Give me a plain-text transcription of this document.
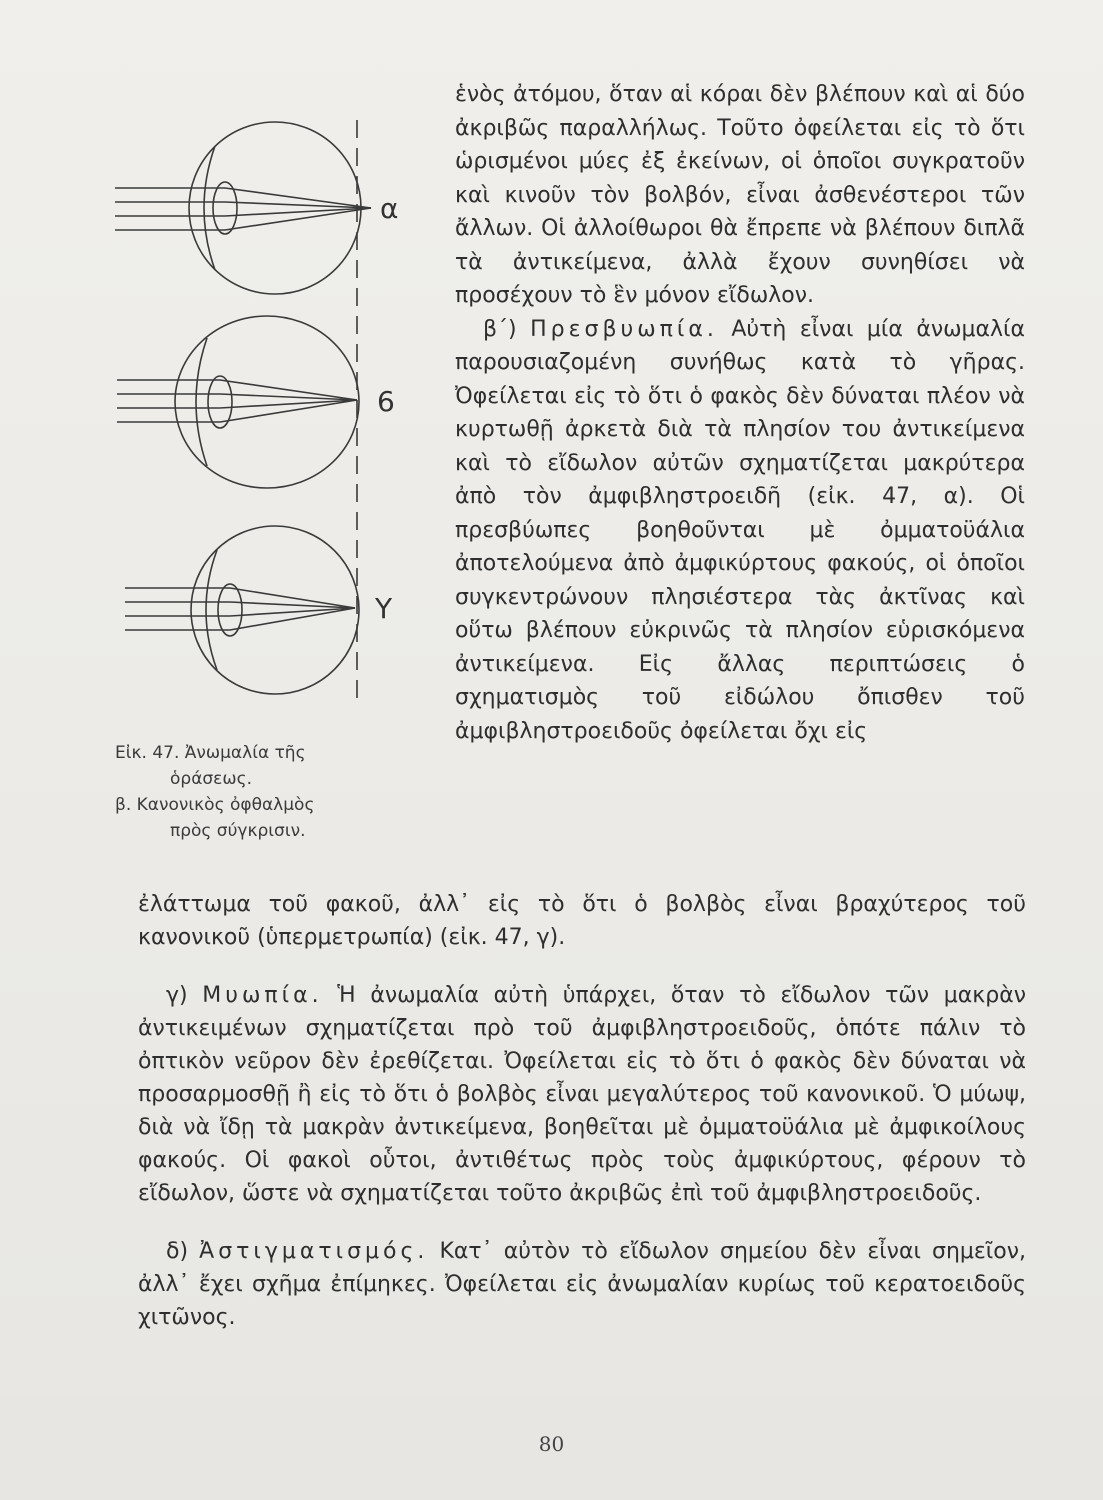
α
6
Y
Εἰκ. 47. Ἀνωμαλία τῆς
ὁράσεως.
β. Κανονικὸς ὀφθαλμὸς
πρὸς σύγκρισιν.

ἑνὸς ἀτόμου, ὅταν αἱ κόραι δὲν βλέπουν καὶ αἱ δύο ἀκριβῶς παραλλήλως. Τοῦτο ὀφείλεται εἰς τὸ ὅτι ὡρισμένοι μύες ἐξ ἐκείνων, οἱ ὁποῖοι συγκρατοῦν καὶ κινοῦν τὸν βολβόν, εἶναι ἀσθενέστεροι τῶν ἄλλων. Οἱ ἀλλοίθωροι θὰ ἔπρεπε νὰ βλέπουν διπλᾶ τὰ ἀντικείμενα, ἀλλὰ ἔχουν συνηθίσει νὰ προσέχουν τὸ ἓν μόνον εἴδωλον.

β΄) Πρεσβυωπία. Αὐτὴ εἶναι μία ἀνωμαλία παρουσιαζομένη συνήθως κατὰ τὸ γῆρας. Ὀφείλεται εἰς τὸ ὅτι ὁ φακὸς δὲν δύναται πλέον νὰ κυρτωθῇ ἀρκετὰ διὰ τὰ πλησίον του ἀντικείμενα καὶ τὸ εἴδωλον αὐτῶν σχηματίζεται μακρύτερα ἀπὸ τὸν ἀμφιβληστροειδῆ (εἰκ. 47, α). Οἱ πρεσβύωπες βοηθοῦνται μὲ ὀμματοϋάλια ἀποτελούμενα ἀπὸ ἀμφικύρτους φακούς, οἱ ὁποῖοι συγκεντρώνουν πλησιέστερα τὰς ἀκτῖνας καὶ οὕτω βλέπουν εὐκρινῶς τὰ πλησίον εὑρισκόμενα ἀντικείμενα. Εἰς ἄλλας περιπτώσεις ὁ σχηματισμὸς τοῦ εἰδώλου ὄπισθεν τοῦ ἀμφιβληστροειδοῦς ὀφείλεται ὄχι εἰς

ἐλάττωμα τοῦ φακοῦ, ἀλλ᾽ εἰς τὸ ὅτι ὁ βολβὸς εἶναι βραχύτερος τοῦ κανονικοῦ (ὑπερμετρωπία) (εἰκ. 47, γ).

γ) Μυωπία. Ἡ ἀνωμαλία αὐτὴ ὑπάρχει, ὅταν τὸ εἴδωλον τῶν μακρὰν ἀντικειμένων σχηματίζεται πρὸ τοῦ ἀμφιβληστροειδοῦς, ὁπότε πάλιν τὸ ὀπτικὸν νεῦρον δὲν ἐρεθίζεται. Ὀφείλεται εἰς τὸ ὅτι ὁ φακὸς δὲν δύναται νὰ προσαρμοσθῇ ἢ εἰς τὸ ὅτι ὁ βολβὸς εἶναι μεγαλύτερος τοῦ κανονικοῦ. Ὁ μύωψ, διὰ νὰ ἴδῃ τὰ μακρὰν ἀντικείμενα, βοηθεῖται μὲ ὀμματοϋάλια μὲ ἀμφικοίλους φακούς. Οἱ φακοὶ οὗτοι, ἀντιθέτως πρὸς τοὺς ἀμφικύρτους, φέρουν τὸ εἴδωλον, ὥστε νὰ σχηματίζεται τοῦτο ἀκριβῶς ἐπὶ τοῦ ἀμφιβληστροειδοῦς.

δ) Ἀστιγματισμός. Κατ᾽ αὐτὸν τὸ εἴδωλον σημείου δὲν εἶναι σημεῖον, ἀλλ᾽ ἔχει σχῆμα ἐπίμηκες. Ὀφείλεται εἰς ἀνωμαλίαν κυρίως τοῦ κερατοειδοῦς χιτῶνος.

80
